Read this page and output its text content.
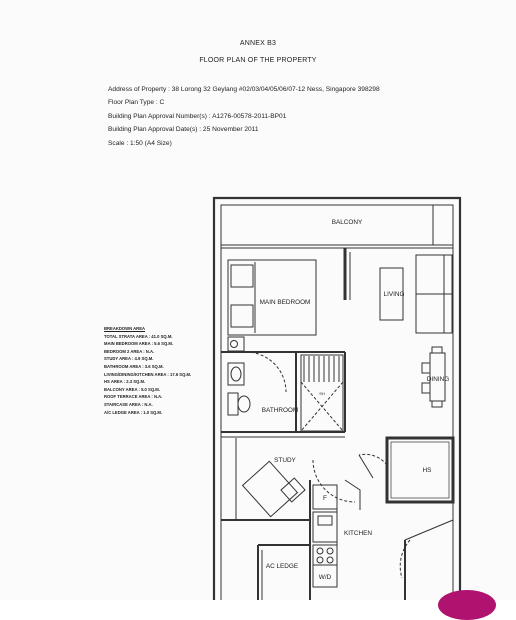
ANNEX B3
FLOOR PLAN OF THE PROPERTY
Address of Property : 38 Lorong 32 Geylang #02/03/04/05/06/07-12 Ness, Singapore 398298
Floor Plan Type : C
Building Plan Approval Number(s) : A1276-00578-2011-BP01
Building Plan Approval Date(s) : 25 November 2011
Scale : 1:50 (A4 Size)
BREAKDOWN AREA
TOTAL STRATA AREA : 41.0 SQ.M.
MAIN BEDROOM AREA : 5.6 SQ.M.
BEDROOM 2 AREA : N.A.
STUDY AREA : 4.9 SQ.M.
BATHROOM AREA : 3.6 SQ.M.
LIVING/DINING/KITCHEN AREA : 17.6 SQ.M.
HS AREA : 2.3 SQ.M.
BALCONY AREA : 5.0 SQ.M.
ROOF TERRACE AREA : N.A.
STAIRCASE AREA : N.A.
A/C LEDGE AREA : 1.0 SQ.M.
BALCONY
MAIN BEDROOM
LIVING
DINING
BATHROOM
STUDY
HS
KITCHEN
AC LEDGE
F
W/D
SH
